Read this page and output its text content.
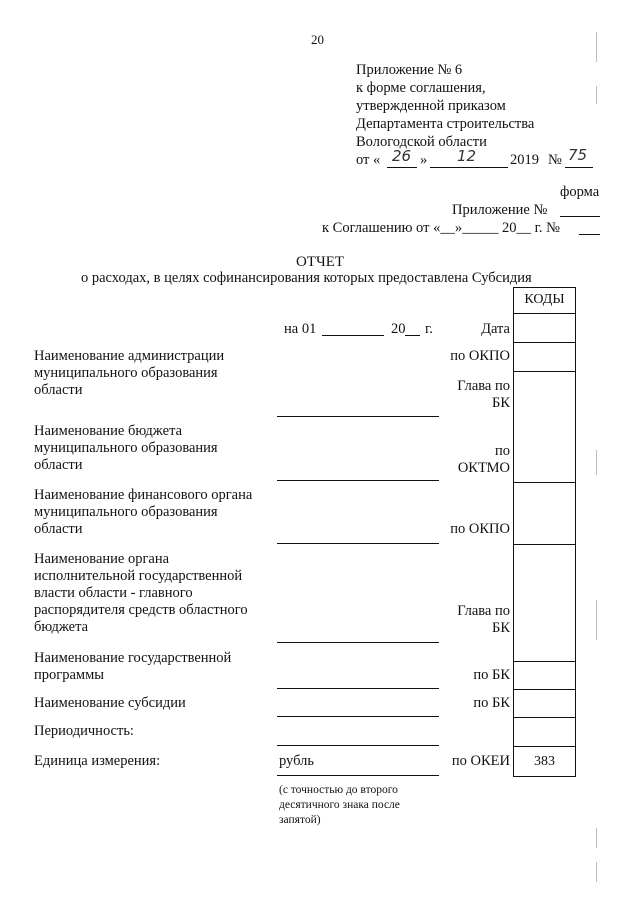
20
Приложение № 6
к форме соглашения,
утвержденной приказом
Департамента строительства
Вологодской области
от « 26 » 12 2019 № 75
форма
Приложение №
к Соглашению от «__»_____ 20__ г. №
ОТЧЕТ
о расходах, в целях софинансирования которых предоставлена Субсидия
на 01	20 г.
Наименование администрации муниципального образования области
Наименование бюджета муниципального образования области
Наименование финансового органа муниципального образования области
Наименование органа исполнительной государственной власти области - главного распорядителя средств областного бюджета
Наименование государственной программы
Наименование субсидии
Периодичность:
Единица измерения:	рубль
(с точностью до второго десятичного знака после запятой)
Дата
по ОКПО
Глава по БК
по ОКТМО
по ОКПО
Глава по БК
по БК
по БК
по ОКЕИ
КОДЫ
383
